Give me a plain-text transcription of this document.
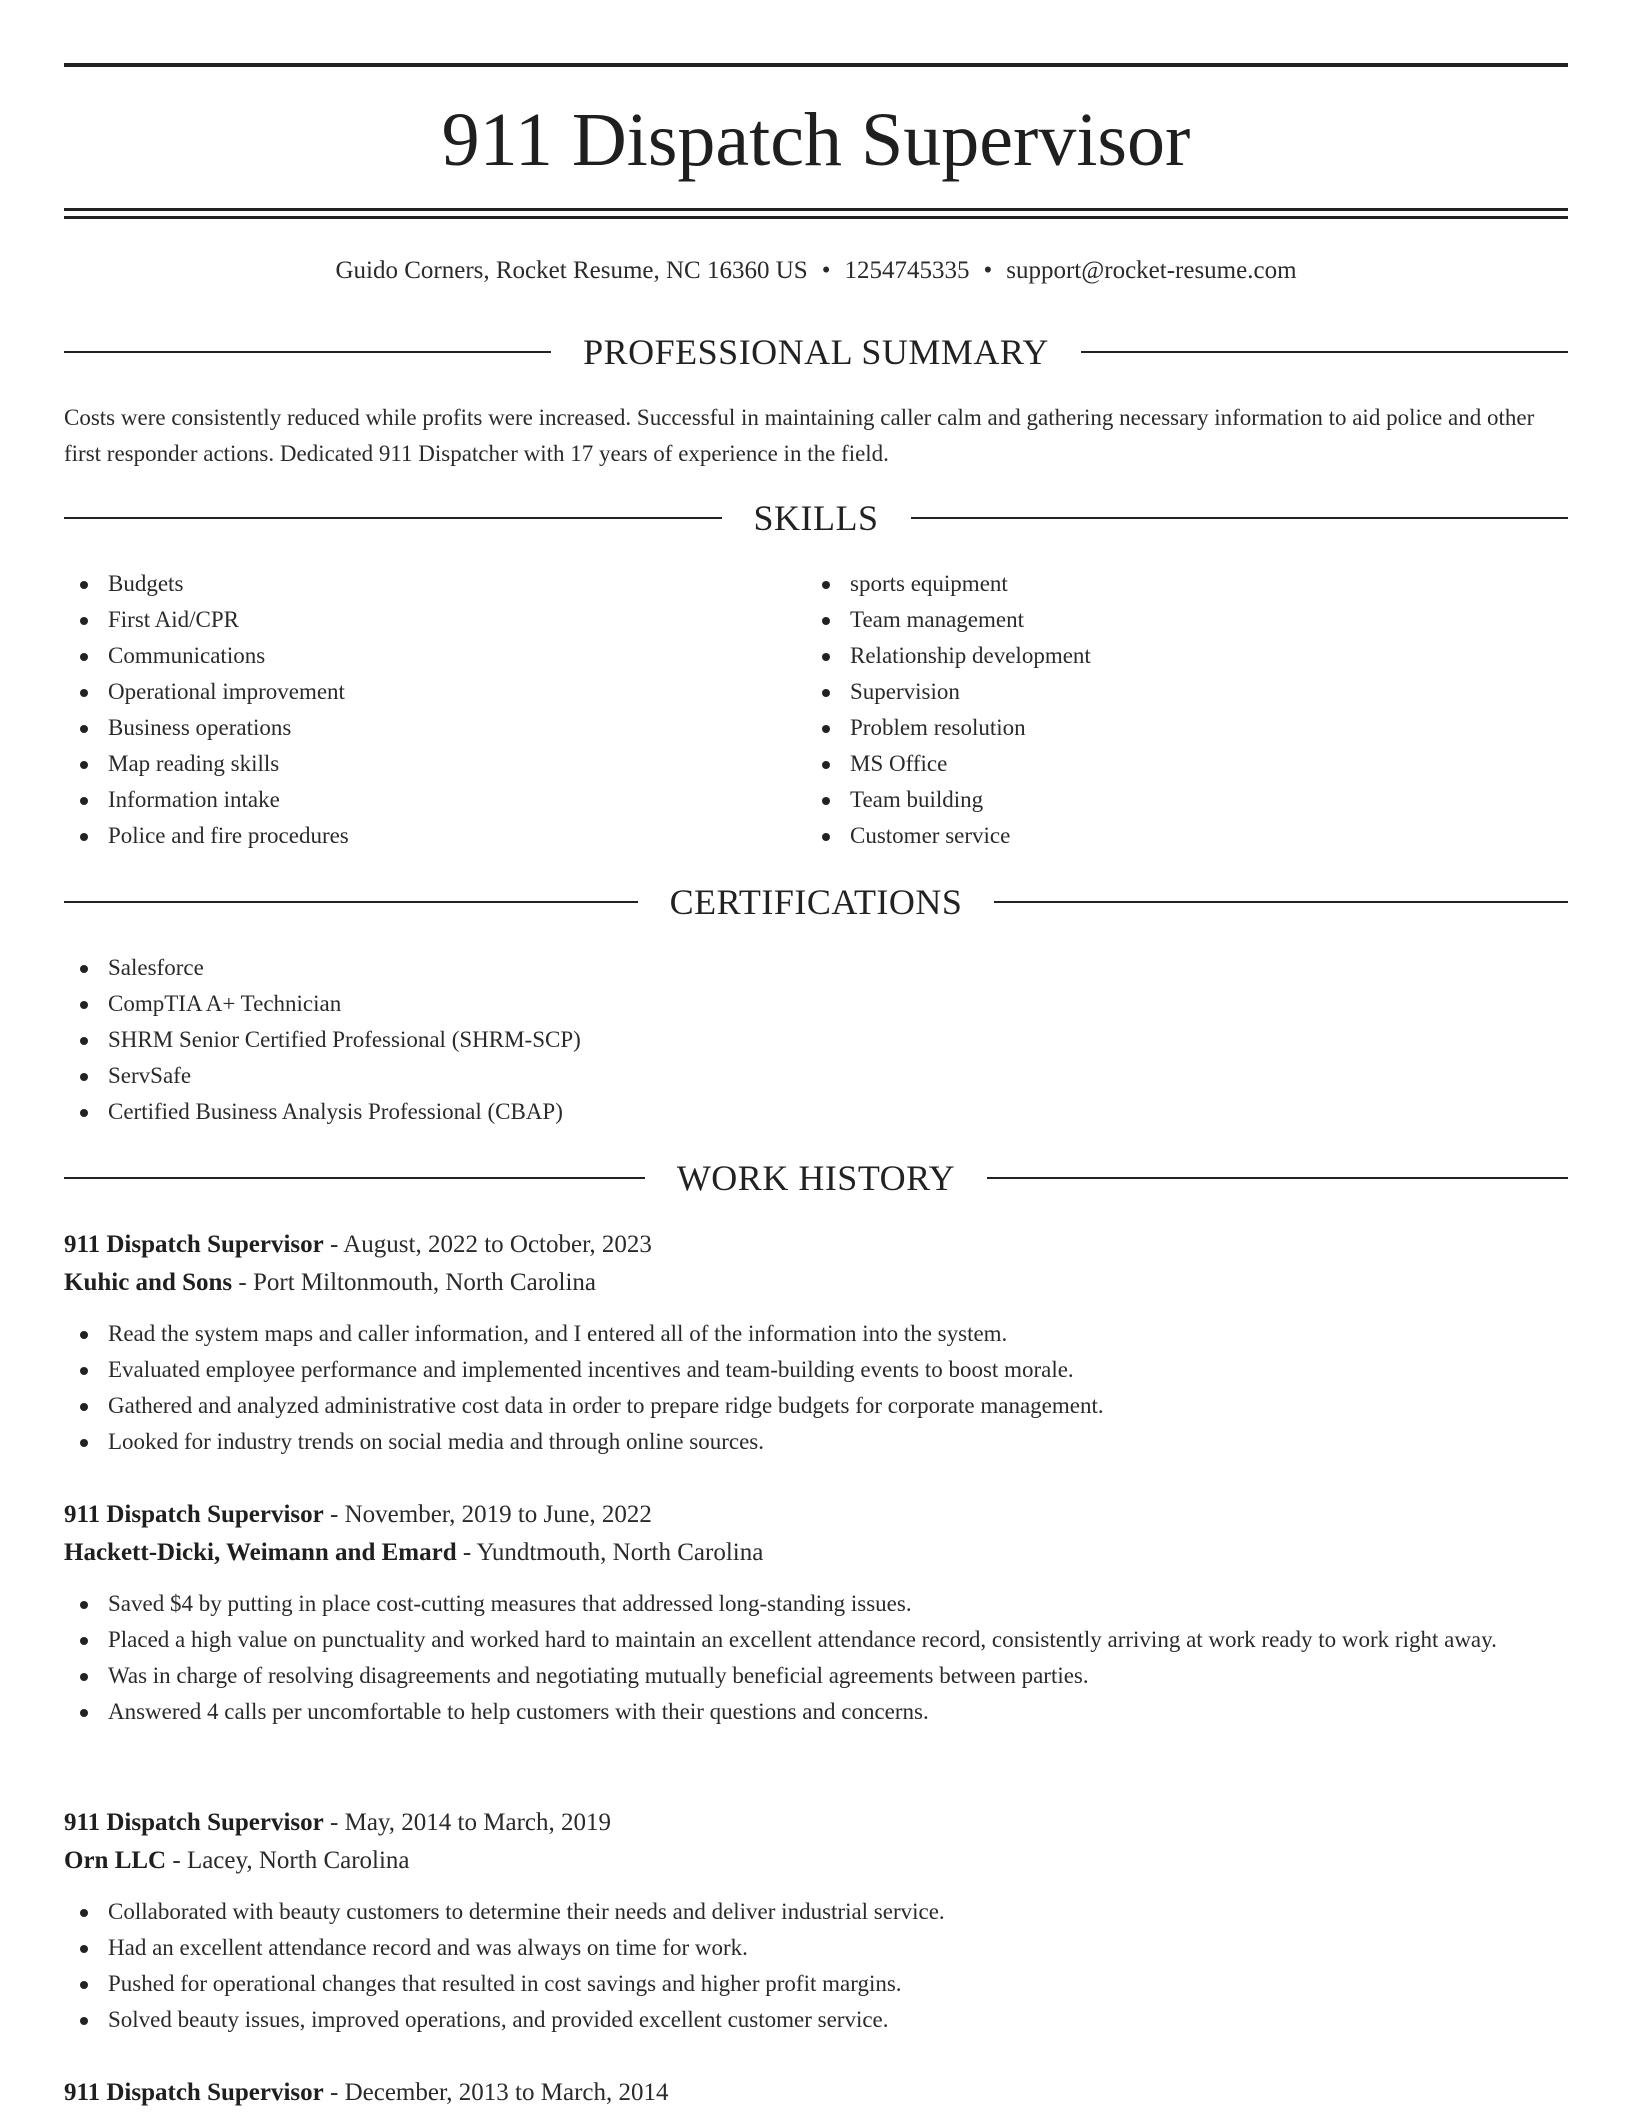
911 Dispatch Supervisor
Guido Corners, Rocket Resume, NC 16360 US • 1254745335 • support@rocket-resume.com
PROFESSIONAL SUMMARY

Costs were consistently reduced while profits were increased. Successful in maintaining caller calm and gathering necessary information to aid police and other first responder actions. Dedicated 911 Dispatcher with 17 years of experience in the field.

SKILLS
Budgets
First Aid/CPR
Communications
Operational improvement
Business operations
Map reading skills
Information intake
Police and fire procedures
sports equipment
Team management
Relationship development
Supervision
Problem resolution
MS Office
Team building
Customer service
CERTIFICATIONS
Salesforce
CompTIA A+ Technician
SHRM Senior Certified Professional (SHRM-SCP)
ServSafe
Certified Business Analysis Professional (CBAP)
WORK HISTORY
911 Dispatch Supervisor - August, 2022 to October, 2023
Kuhic and Sons - Port Miltonmouth, North Carolina
Read the system maps and caller information, and I entered all of the information into the system.
Evaluated employee performance and implemented incentives and team-building events to boost morale.
Gathered and analyzed administrative cost data in order to prepare ridge budgets for corporate management.
Looked for industry trends on social media and through online sources.
911 Dispatch Supervisor - November, 2019 to June, 2022
Hackett-Dicki, Weimann and Emard - Yundtmouth, North Carolina
Saved $4 by putting in place cost-cutting measures that addressed long-standing issues.
Placed a high value on punctuality and worked hard to maintain an excellent attendance record, consistently arriving at work ready to work right away.
Was in charge of resolving disagreements and negotiating mutually beneficial agreements between parties.
Answered 4 calls per uncomfortable to help customers with their questions and concerns.
911 Dispatch Supervisor - May, 2014 to March, 2019
Orn LLC - Lacey, North Carolina
Collaborated with beauty customers to determine their needs and deliver industrial service.
Had an excellent attendance record and was always on time for work.
Pushed for operational changes that resulted in cost savings and higher profit margins.
Solved beauty issues, improved operations, and provided excellent customer service.
911 Dispatch Supervisor - December, 2013 to March, 2014
